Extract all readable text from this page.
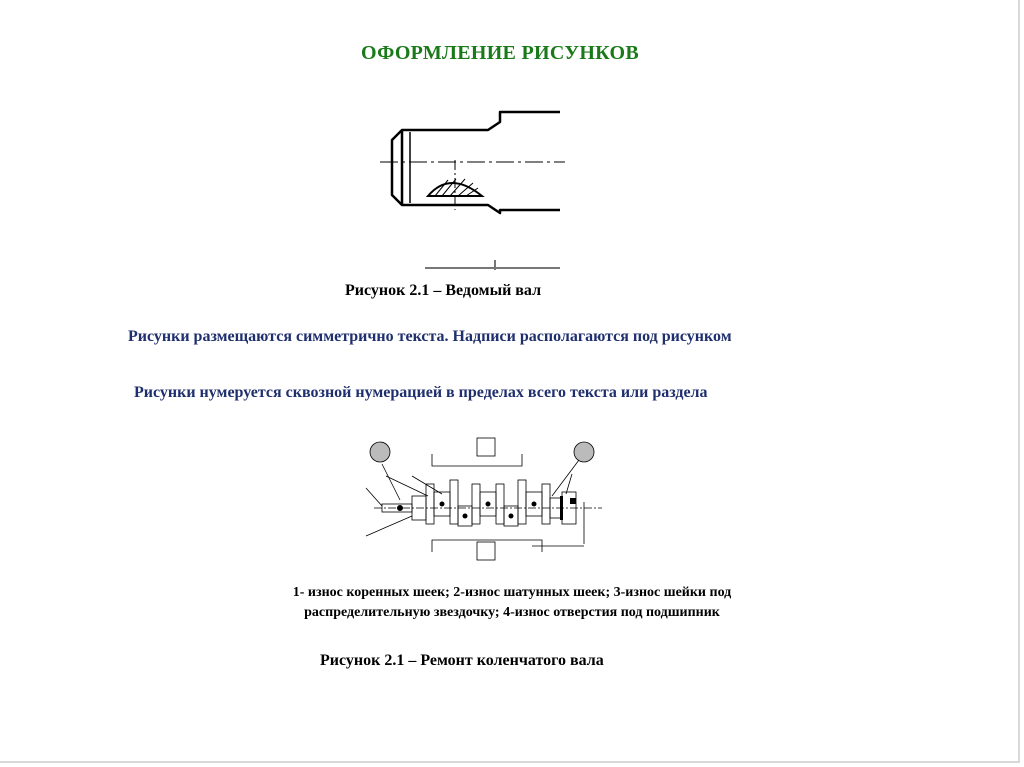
ОФОРМЛЕНИЕ РИСУНКОВ
Рисунок 2.1 – Ведомый вал
Рисунки размещаются симметрично текста. Надписи располагаются под рисунком
Рисунки нумеруется сквозной нумерацией в пределах всего текста или раздела
1- износ коренных шеек; 2-износ шатунных шеек; 3-износ шейки под
распределительную звездочку; 4-износ отверстия под подшипник
Рисунок 2.1 – Ремонт коленчатого вала
